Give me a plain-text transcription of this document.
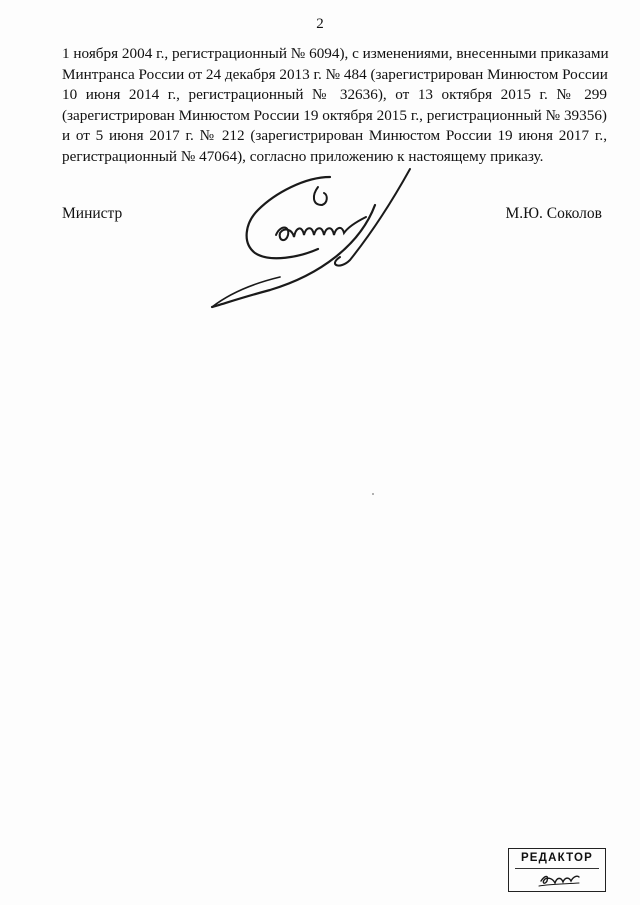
2
1 ноября 2004 г., регистрационный № 6094), с изменениями, внесенными приказами
Минтранса России от 24 декабря 2013 г. № 484 (зарегистрирован Минюстом России
10 июня 2014 г., регистрационный № 32636), от 13 октября 2015 г. № 299
(зарегистрирован Минюстом России 19 октября 2015 г., регистрационный № 39356)
и от 5 июня 2017 г. № 212 (зарегистрирован Минюстом России 19 июня 2017 г.,
регистрационный № 47064), согласно приложению к настоящему приказу.
Министр	М.Ю. Соколов
РЕДАКТОР
